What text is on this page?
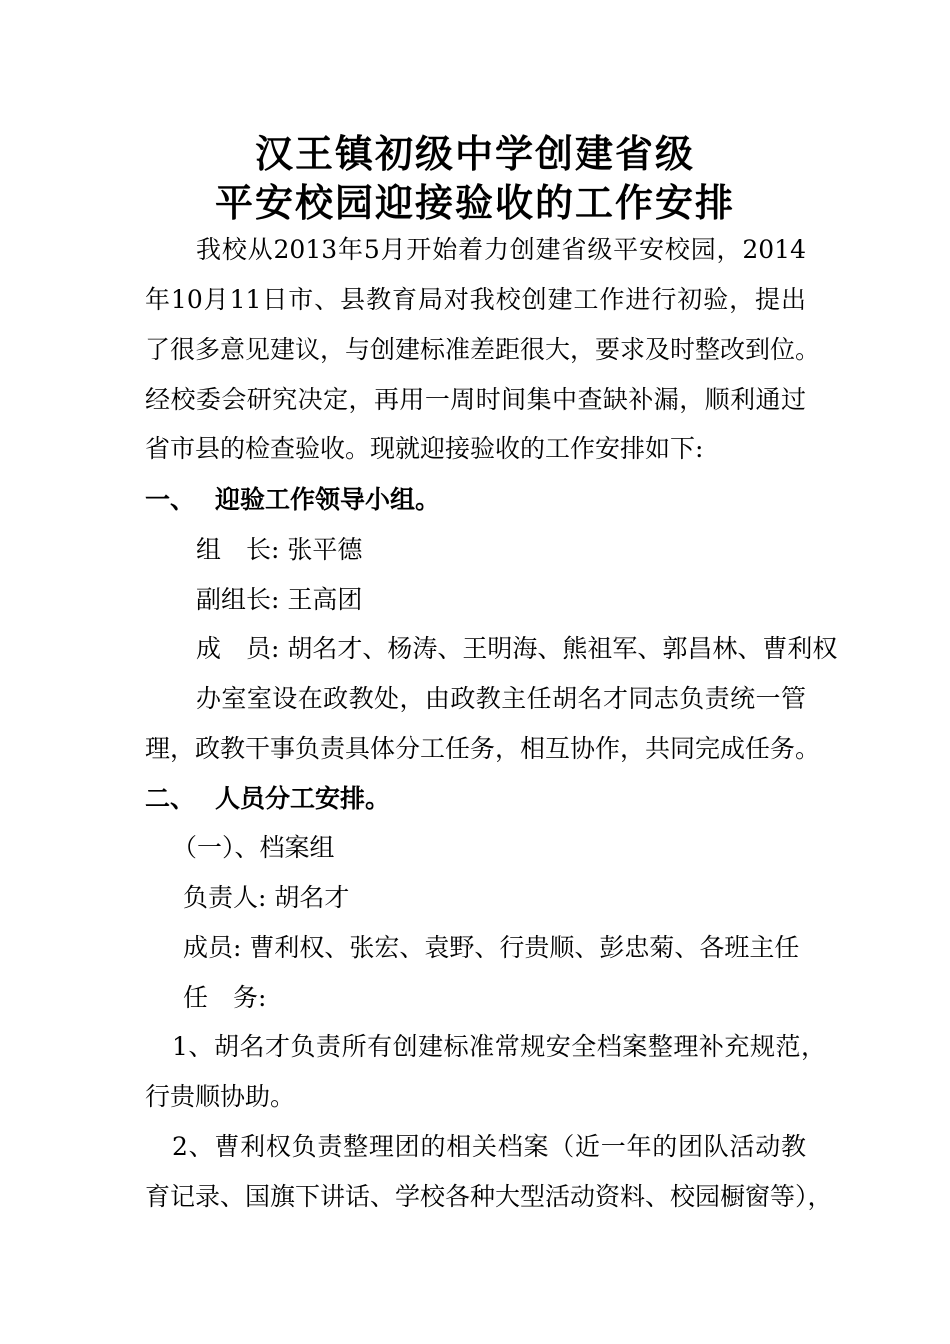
汉王镇初级中学创建省级
平安校园迎接验收的工作安排
我校从2013年5月开始着力创建省级平安校园，2014
年10月11日市、县教育局对我校创建工作进行初验，提出
了很多意见建议，与创建标准差距很大，要求及时整改到位。
经校委会研究决定，再用一周时间集中查缺补漏，顺利通过
省市县的检查验收。现就迎接验收的工作安排如下:
一、 迎验工作领导小组。
组　长: 张平德
副组长: 王高团
成　员: 胡名才、杨涛、王明海、熊祖军、郭昌林、曹利权
办室室设在政教处，由政教主任胡名才同志负责统一管
理，政教干事负责具体分工任务，相互协作，共同完成任务。
二、 人员分工安排。
（一）、档案组
负责人: 胡名才
成员: 曹利权、张宏、袁野、行贵顺、彭忠菊、各班主任
任　务:
1、胡名才负责所有创建标准常规安全档案整理补充规范，
行贵顺协助。
2、曹利权负责整理团的相关档案（近一年的团队活动教
育记录、国旗下讲话、学校各种大型活动资料、校园橱窗等），
